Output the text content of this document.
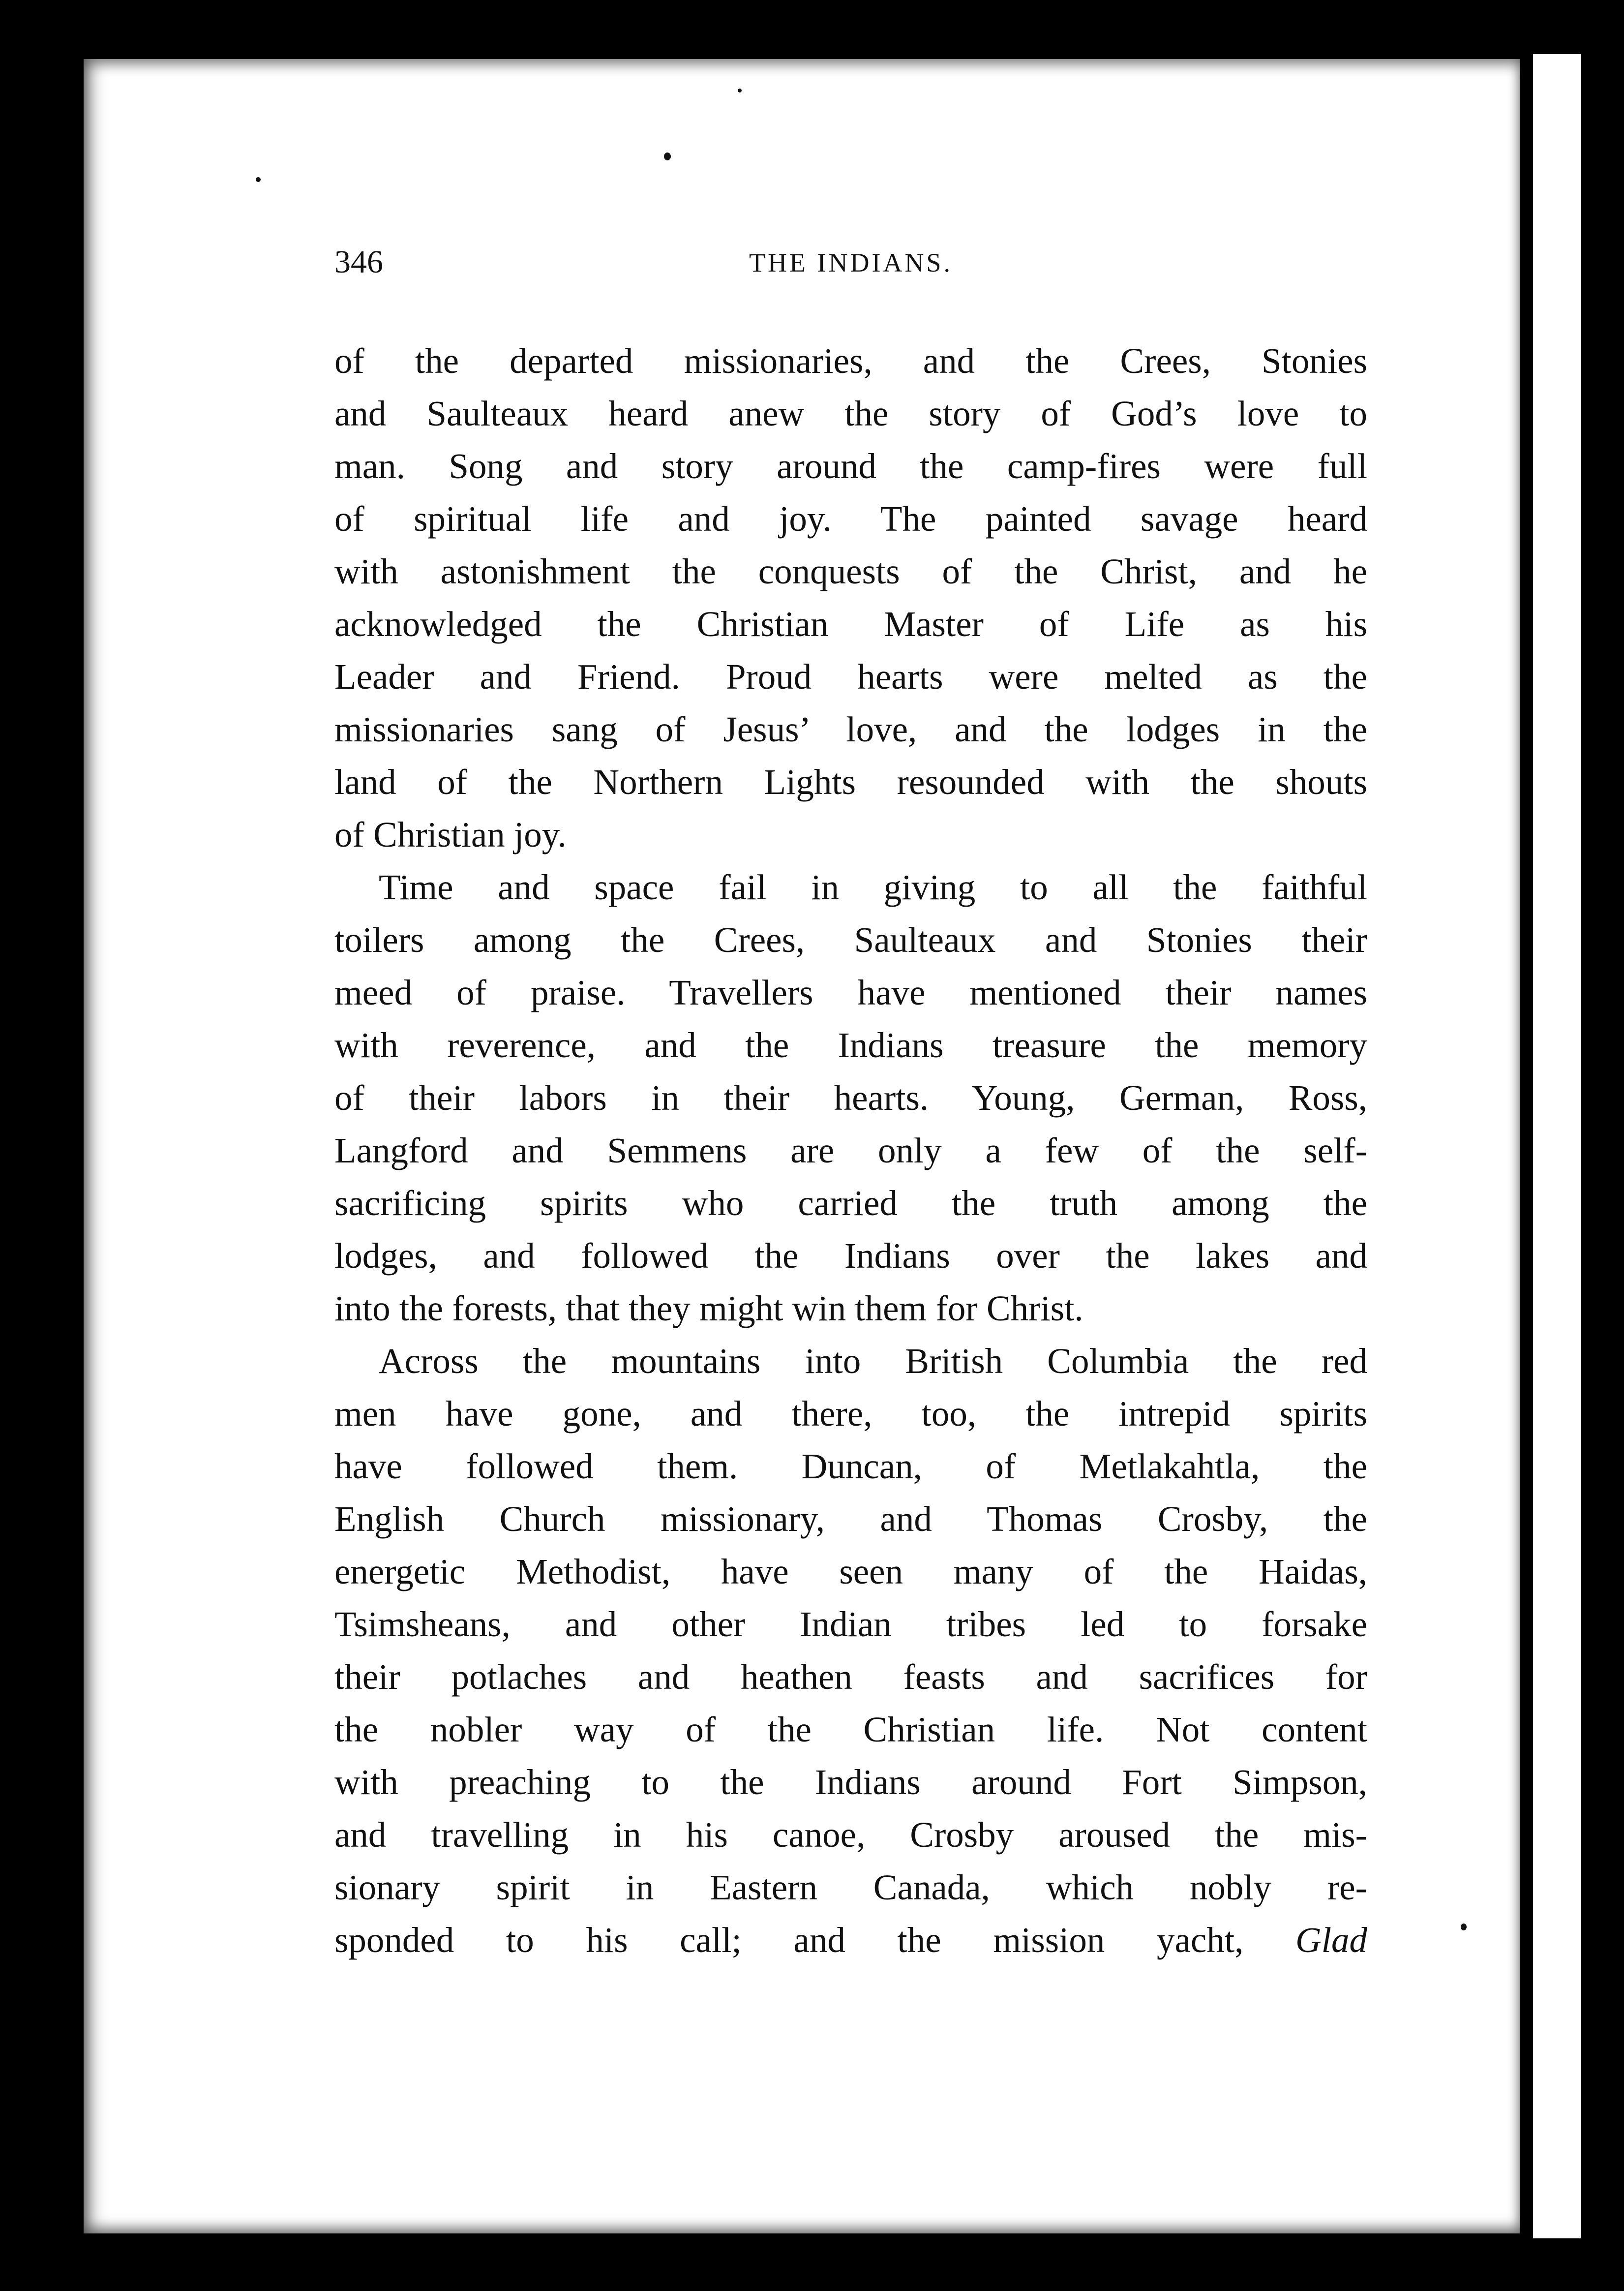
346	THE INDIANS.
of the departed missionaries, and the Crees, Stonies
and Saulteaux heard anew the story of God’s love to
man. Song and story around the camp-fires were full
of spiritual life and joy. The painted savage heard
with astonishment the conquests of the Christ, and he
acknowledged the Christian Master of Life as his
Leader and Friend. Proud hearts were melted as the
missionaries sang of Jesus’ love, and the lodges in the
land of the Northern Lights resounded with the shouts
of Christian joy.
Time and space fail in giving to all the faithful
toilers among the Crees, Saulteaux and Stonies their
meed of praise. Travellers have mentioned their names
with reverence, and the Indians treasure the memory
of their labors in their hearts. Young, German, Ross,
Langford and Semmens are only a few of the self-
sacrificing spirits who carried the truth among the
lodges, and followed the Indians over the lakes and
into the forests, that they might win them for Christ.
Across the mountains into British Columbia the red
men have gone, and there, too, the intrepid spirits
have followed them. Duncan, of Metlakahtla, the
English Church missionary, and Thomas Crosby, the
energetic Methodist, have seen many of the Haidas,
Tsimsheans, and other Indian tribes led to forsake
their potlaches and heathen feasts and sacrifices for
the nobler way of the Christian life. Not content
with preaching to the Indians around Fort Simpson,
and travelling in his canoe, Crosby aroused the mis-
sionary spirit in Eastern Canada, which nobly re-
sponded to his call; and the mission yacht, Glad
